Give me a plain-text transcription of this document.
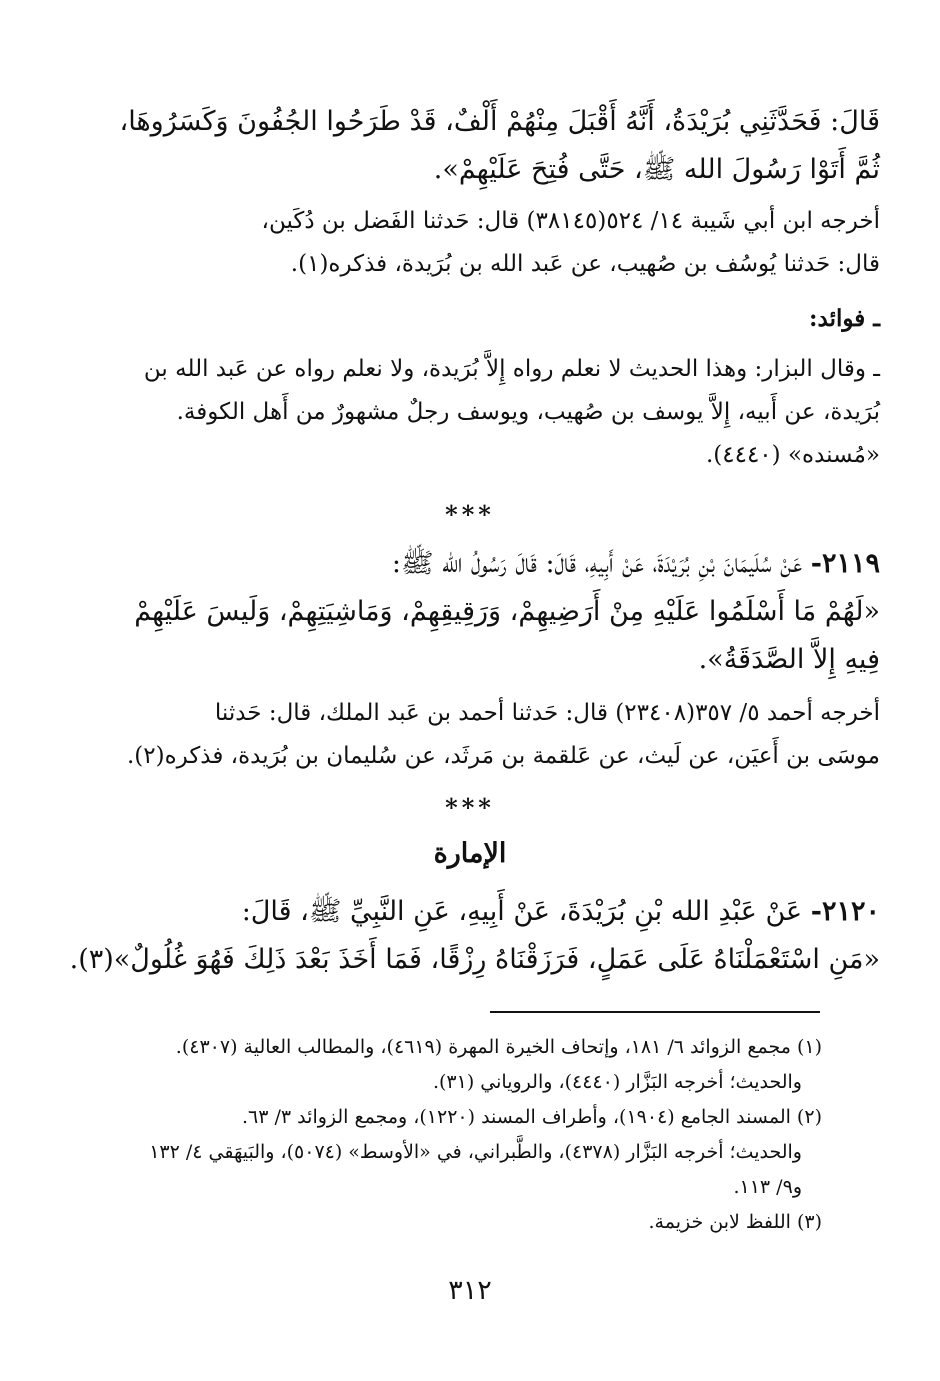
قَالَ: فَحَدَّثَنِي بُرَيْدَةُ، أَنَّهُ أَقْبَلَ مِنْهُمْ أَلْفٌ، قَدْ طَرَحُوا الجُفُونَ وَكَسَرُوهَا،
ثُمَّ أَتَوْا رَسُولَ الله ﷺ، حَتَّى فُتِحَ عَلَيْهِمْ».
أخرجه ابن أبي شَيبة ١٤/ ٥٢٤(٣٨١٤٥) قال: حَدثنا الفَضل بن دُكَين،
قال: حَدثنا يُوسُف بن صُهيب، عن عَبد الله بن بُرَيدة، فذكره(١).
ـ فوائد:
ـ وقال البزار: وهذا الحديث لا نعلم رواه إِلاَّ بُرَيدة، ولا نعلم رواه عن عَبد الله بن
بُرَيدة، عن أَبيه، إِلاَّ يوسف بن صُهيب، ويوسف رجلٌ مشهورٌ من أَهل الكوفة.
«مُسنده» (٤٤٤٠).
***
٢١١٩- عَنْ سُلَيمَانَ بْنِ بُرَيْدَةَ، عَنْ أَبِيهِ، قَالَ: قَالَ رَسُولُ الله ﷺ:
«لَهُمْ مَا أَسْلَمُوا عَلَيْهِ مِنْ أَرَضِيهِمْ، وَرَقِيقِهِمْ، وَمَاشِيَتِهِمْ، وَلَيسَ عَلَيْهِمْ
فِيهِ إِلاَّ الصَّدَقَةُ».
أخرجه أحمد ٥/ ٣٥٧(٢٣٤٠٨) قال: حَدثنا أحمد بن عَبد الملك، قال: حَدثنا
موسَى بن أَعيَن، عن لَيث، عن عَلقمة بن مَرثَد، عن سُليمان بن بُرَيدة، فذكره(٢).
***
الإمارة
٢١٢٠- عَنْ عَبْدِ الله بْنِ بُرَيْدَةَ، عَنْ أَبِيهِ، عَنِ النَّبِيِّ ﷺ، قَالَ:
«مَنِ اسْتَعْمَلْنَاهُ عَلَى عَمَلٍ، فَرَزَقْنَاهُ رِزْقًا، فَمَا أَخَذَ بَعْدَ ذَلِكَ فَهُوَ غُلُولٌ»(٣).
(١) مجمع الزوائد ٦/ ١٨١، وإتحاف الخيرة المهرة (٤٦١٩)، والمطالب العالية (٤٣٠٧).
والحديث؛ أخرجه البَزَّار (٤٤٤٠)، والروياني (٣١).
(٢) المسند الجامع (١٩٠٤)، وأطراف المسند (١٢٢٠)، ومجمع الزوائد ٣/ ٦٣.
والحديث؛ أخرجه البَزَّار (٤٣٧٨)، والطَّبراني، في «الأوسط» (٥٠٧٤)، والبَيهَقي ٤/ ١٣٢
و٩/ ١١٣.
(٣) اللفظ لابن خزيمة.
٣١٢
